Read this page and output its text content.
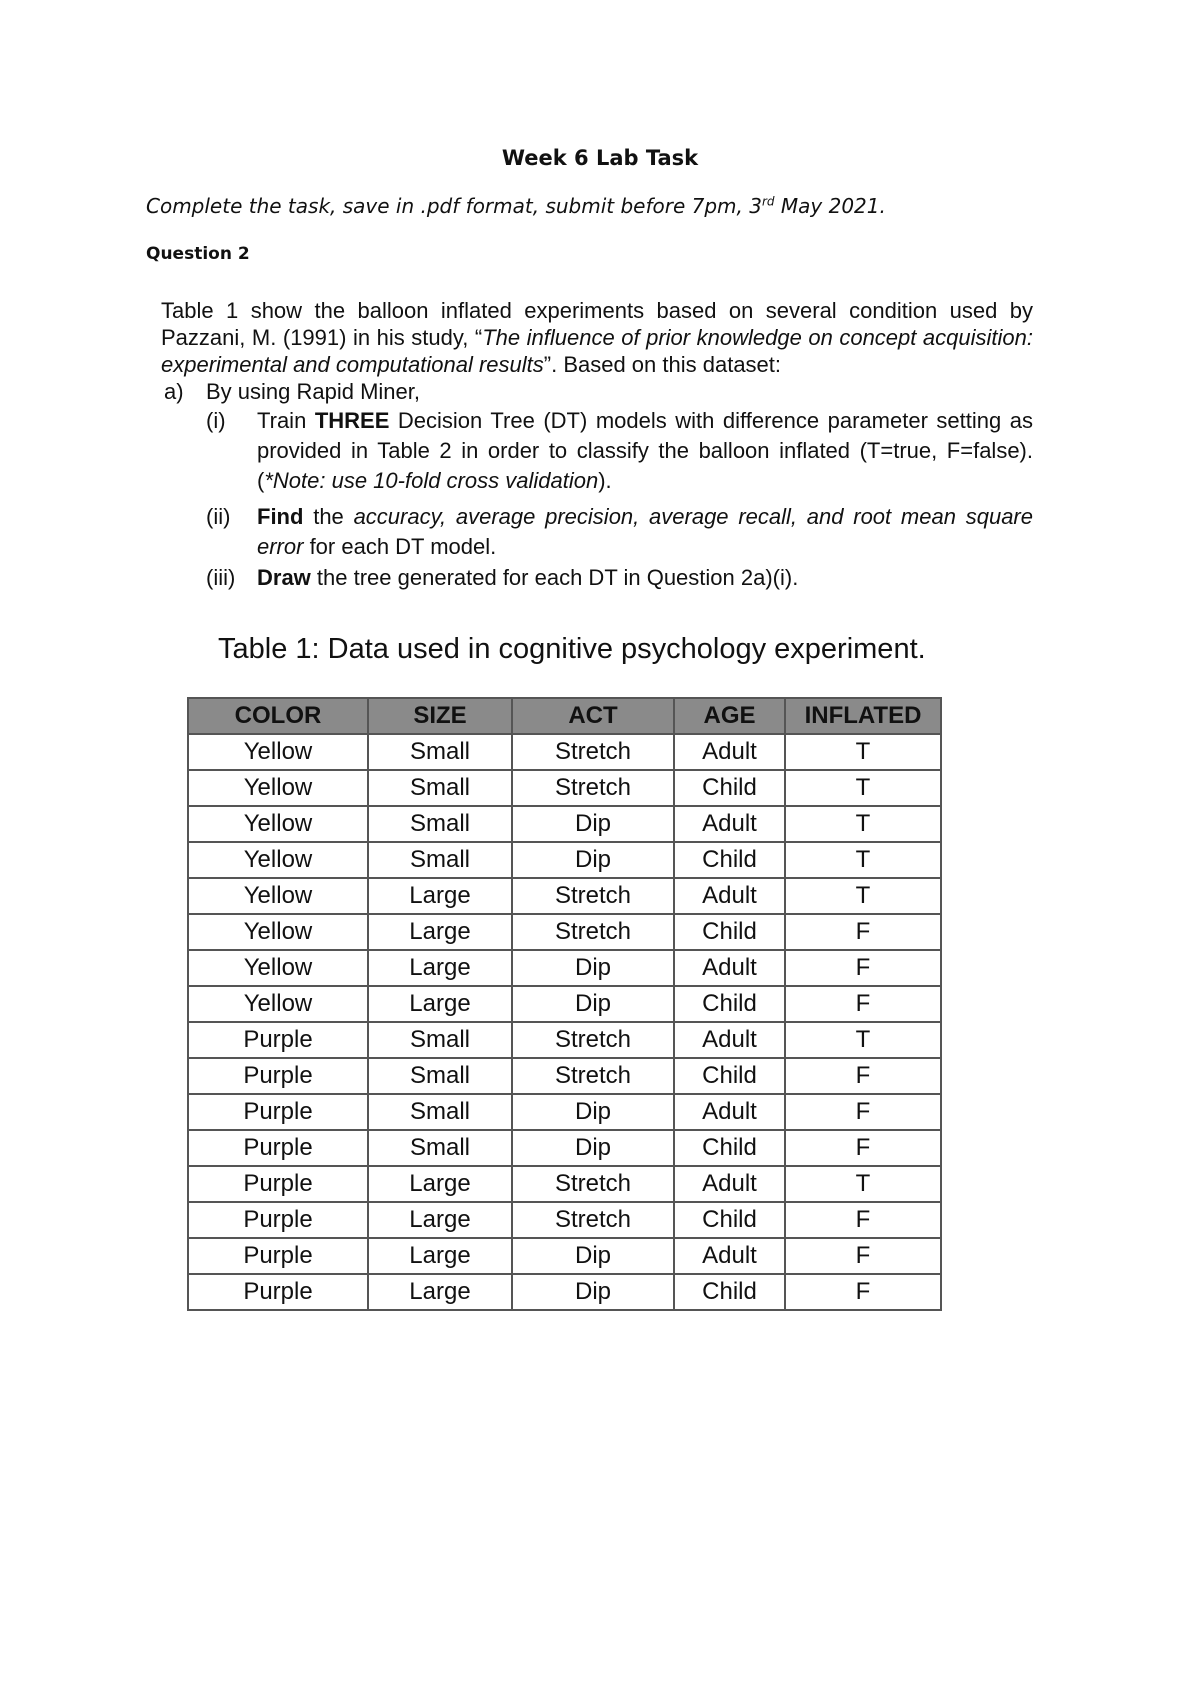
Week 6 Lab Task
Complete the task, save in .pdf format, submit before 7pm, 3rd May 2021.
Question 2
Table 1 show the balloon inflated experiments based on several condition used by Pazzani, M. (1991) in his study, “The influence of prior knowledge on concept acquisition: experimental and computational results”. Based on this dataset:
a) By using Rapid Miner,
(i) Train THREE Decision Tree (DT) models with difference parameter setting as provided in Table 2 in order to classify the balloon inflated (T=true, F=false). (*Note: use 10-fold cross validation).
(ii) Find the accuracy, average precision, average recall, and root mean square error for each DT model.
(iii) Draw the tree generated for each DT in Question 2a)(i).
Table 1: Data used in cognitive psychology experiment.
COLOR	SIZE	ACT	AGE	INFLATED
Yellow	Small	Stretch	Adult	T
Yellow	Small	Stretch	Child	T
Yellow	Small	Dip	Adult	T
Yellow	Small	Dip	Child	T
Yellow	Large	Stretch	Adult	T
Yellow	Large	Stretch	Child	F
Yellow	Large	Dip	Adult	F
Yellow	Large	Dip	Child	F
Purple	Small	Stretch	Adult	T
Purple	Small	Stretch	Child	F
Purple	Small	Dip	Adult	F
Purple	Small	Dip	Child	F
Purple	Large	Stretch	Adult	T
Purple	Large	Stretch	Child	F
Purple	Large	Dip	Adult	F
Purple	Large	Dip	Child	F
